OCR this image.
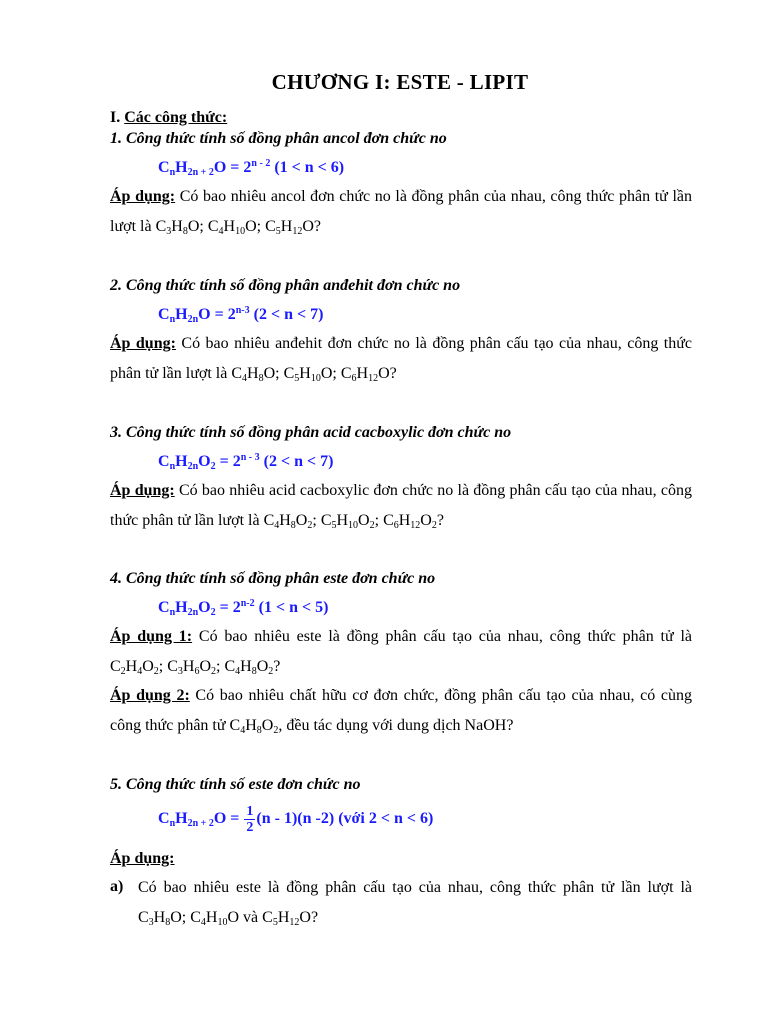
CHƯƠNG I: ESTE - LIPIT
I. Các công thức:
1. Công thức tính số đồng phân ancol đơn chức no
$C_nH_{2n + 2}O = 2^{n - 2}$ (1 < n < 6)
Áp dụng: Có bao nhiêu ancol đơn chức no là đồng phân của nhau, công thức phân tử lần lượt là $C_3H_8O$; $C_4H_{10}O$; $C_5H_{12}O$?
2. Công thức tính số đồng phân anđehit đơn chức no
$C_nH_{2n}O = 2^{n-3}$ (2 < n < 7)
Áp dụng: Có bao nhiêu anđehit đơn chức no là đồng phân cấu tạo của nhau, công thức phân tử lần lượt là $C_4H_8O$; $C_5H_{10}O$; $C_6H_{12}O$?
3. Công thức tính số đồng phân acid cacboxylic đơn chức no
$C_nH_{2n}O_2 = 2^{n - 3}$ (2 < n < 7)
Áp dụng: Có bao nhiêu acid cacboxylic đơn chức no là đồng phân cấu tạo của nhau, công thức phân tử lần lượt là $C_4H_8O_2$; $C_5H_{10}O_2$; $C_6H_{12}O_2$?
4. Công thức tính số đồng phân este đơn chức no
$C_nH_{2n}O_2 = 2^{n-2}$ (1 < n < 5)
Áp dụng 1: Có bao nhiêu este là đồng phân cấu tạo của nhau, công thức phân tử là $C_2H_4O_2$; $C_3H_6O_2$; $C_4H_8O_2$?
Áp dụng 2: Có bao nhiêu chất hữu cơ đơn chức, đồng phân cấu tạo của nhau, có cùng công thức phân tử $C_4H_8O_2$, đều tác dụng với dung dịch NaOH?
5. Công thức tính số este đơn chức no
$C_nH_{2n + 2}O = \frac{1}{2} (n - 1)(n$ -2) (với 2 < n < 6)
Áp dụng:
a) Có bao nhiêu este là đồng phân cấu tạo của nhau, công thức phân tử lần lượt là $C_3H_8O$; $C_4H_{10}O$ và $C_5H_{12}O$?
